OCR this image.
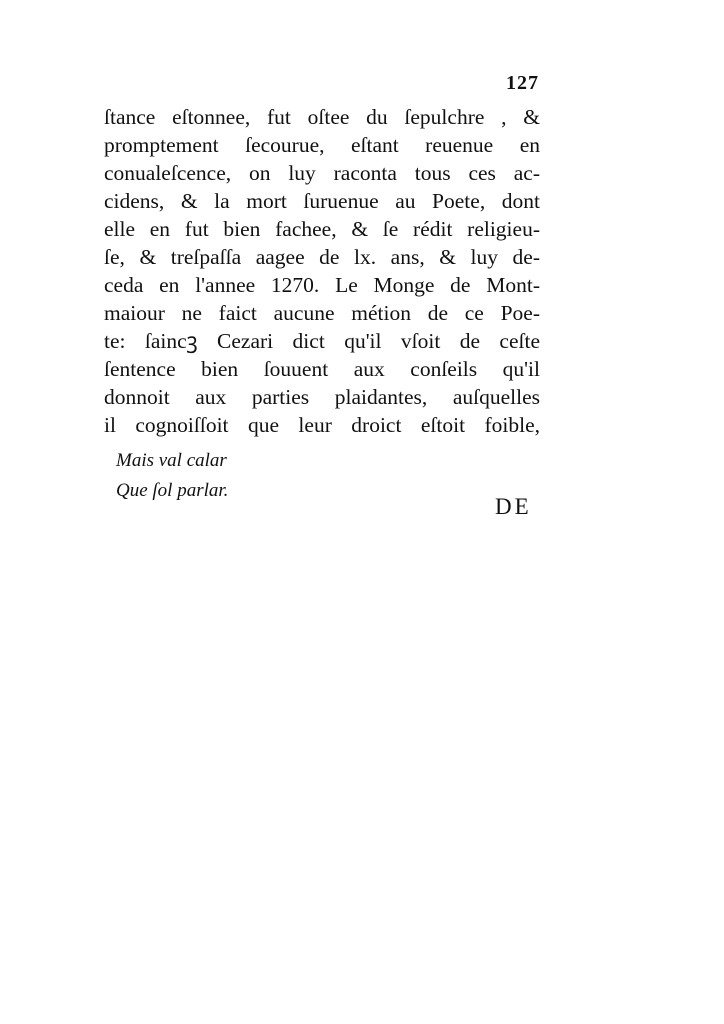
127
ſtance eſtonnee, fut oſtee du ſepulchre , &
promptement ſecourue, eſtant reuenue en
conualeſcence, on luy raconta tous ces ac-
cidens, & la mort ſuruenue au Poete, dont
elle en fut bien fachee, & ſe rédit religieu-
ſe, & treſpaſſa aagee de lx. ans, & luy de-
ceda en l'annee 1270. Le Monge de Mont-
maiour ne faict aucune métion de ce Poe-
te: ſaincꝫ Cezari dict qu'il vſoit de ceſte
ſentence bien ſouuent aux conſeils qu'il
donnoit aux parties plaidantes, auſquelles
il cognoiſſoit que leur droict eſtoit foible,
Mais val calar
Que ſol parlar.
DE
